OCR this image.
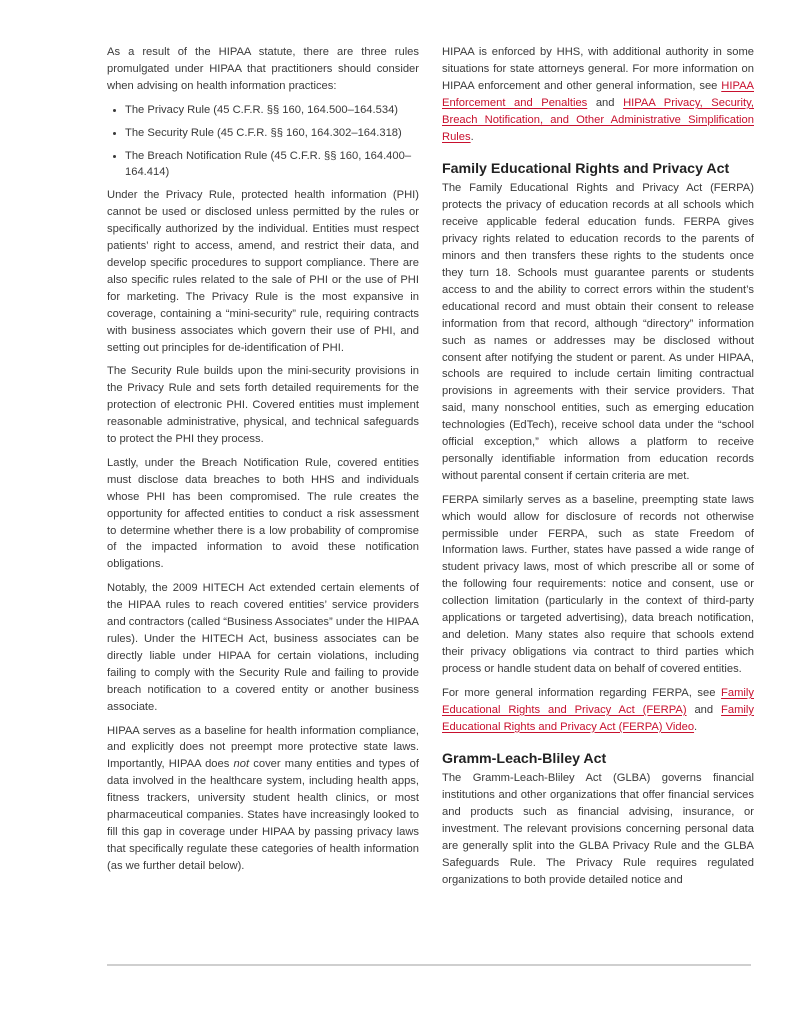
As a result of the HIPAA statute, there are three rules promulgated under HIPAA that practitioners should consider when advising on health information practices:

• The Privacy Rule (45 C.F.R. §§ 160, 164.500–164.534)
• The Security Rule (45 C.F.R. §§ 160, 164.302–164.318)
• The Breach Notification Rule (45 C.F.R. §§ 160, 164.400–164.414)

Under the Privacy Rule, protected health information (PHI) cannot be used or disclosed unless permitted by the rules or specifically authorized by the individual. Entities must respect patients’ right to access, amend, and restrict their data, and develop specific procedures to support compliance. There are also specific rules related to the sale of PHI or the use of PHI for marketing. The Privacy Rule is the most expansive in coverage, containing a “mini-security” rule, requiring contracts with business associates which govern their use of PHI, and setting out principles for de-identification of PHI.

The Security Rule builds upon the mini-security provisions in the Privacy Rule and sets forth detailed requirements for the protection of electronic PHI. Covered entities must implement reasonable administrative, physical, and technical safeguards to protect the PHI they process.

Lastly, under the Breach Notification Rule, covered entities must disclose data breaches to both HHS and individuals whose PHI has been compromised. The rule creates the opportunity for affected entities to conduct a risk assessment to determine whether there is a low probability of compromise of the impacted information to avoid these notification obligations.

Notably, the 2009 HITECH Act extended certain elements of the HIPAA rules to reach covered entities’ service providers and contractors (called “Business Associates” under the HIPAA rules). Under the HITECH Act, business associates can be directly liable under HIPAA for certain violations, including failing to comply with the Security Rule and failing to provide breach notification to a covered entity or another business associate.

HIPAA serves as a baseline for health information compliance, and explicitly does not preempt more protective state laws. Importantly, HIPAA does not cover many entities and types of data involved in the healthcare system, including health apps, fitness trackers, university student health clinics, or most pharmaceutical companies. States have increasingly looked to fill this gap in coverage under HIPAA by passing privacy laws that specifically regulate these categories of health information (as we further detail below).

HIPAA is enforced by HHS, with additional authority in some situations for state attorneys general. For more information on HIPAA enforcement and other general information, see HIPAA Enforcement and Penalties and HIPAA Privacy, Security, Breach Notification, and Other Administrative Simplification Rules.

Family Educational Rights and Privacy Act

The Family Educational Rights and Privacy Act (FERPA) protects the privacy of education records at all schools which receive applicable federal education funds. FERPA gives privacy rights related to education records to the parents of minors and then transfers these rights to the students once they turn 18. Schools must guarantee parents or students access to and the ability to correct errors within the student’s educational record and must obtain their consent to release information from that record, although “directory” information such as names or addresses may be disclosed without consent after notifying the student or parent. As under HIPAA, schools are required to include certain limiting contractual provisions in agreements with their service providers. That said, many nonschool entities, such as emerging education technologies (EdTech), receive school data under the “school official exception,” which allows a platform to receive personally identifiable information from education records without parental consent if certain criteria are met.

FERPA similarly serves as a baseline, preempting state laws which would allow for disclosure of records not otherwise permissible under FERPA, such as state Freedom of Information laws. Further, states have passed a wide range of student privacy laws, most of which prescribe all or some of the following four requirements: notice and consent, use or collection limitation (particularly in the context of third-party applications or targeted advertising), data breach notification, and deletion. Many states also require that schools extend their privacy obligations via contract to third parties which process or handle student data on behalf of covered entities.

For more general information regarding FERPA, see Family Educational Rights and Privacy Act (FERPA) and Family Educational Rights and Privacy Act (FERPA) Video.

Gramm-Leach-Bliley Act

The Gramm-Leach-Bliley Act (GLBA) governs financial institutions and other organizations that offer financial services and products such as financial advising, insurance, or investment. The relevant provisions concerning personal data are generally split into the GLBA Privacy Rule and the GLBA Safeguards Rule. The Privacy Rule requires regulated organizations to both provide detailed notice and
